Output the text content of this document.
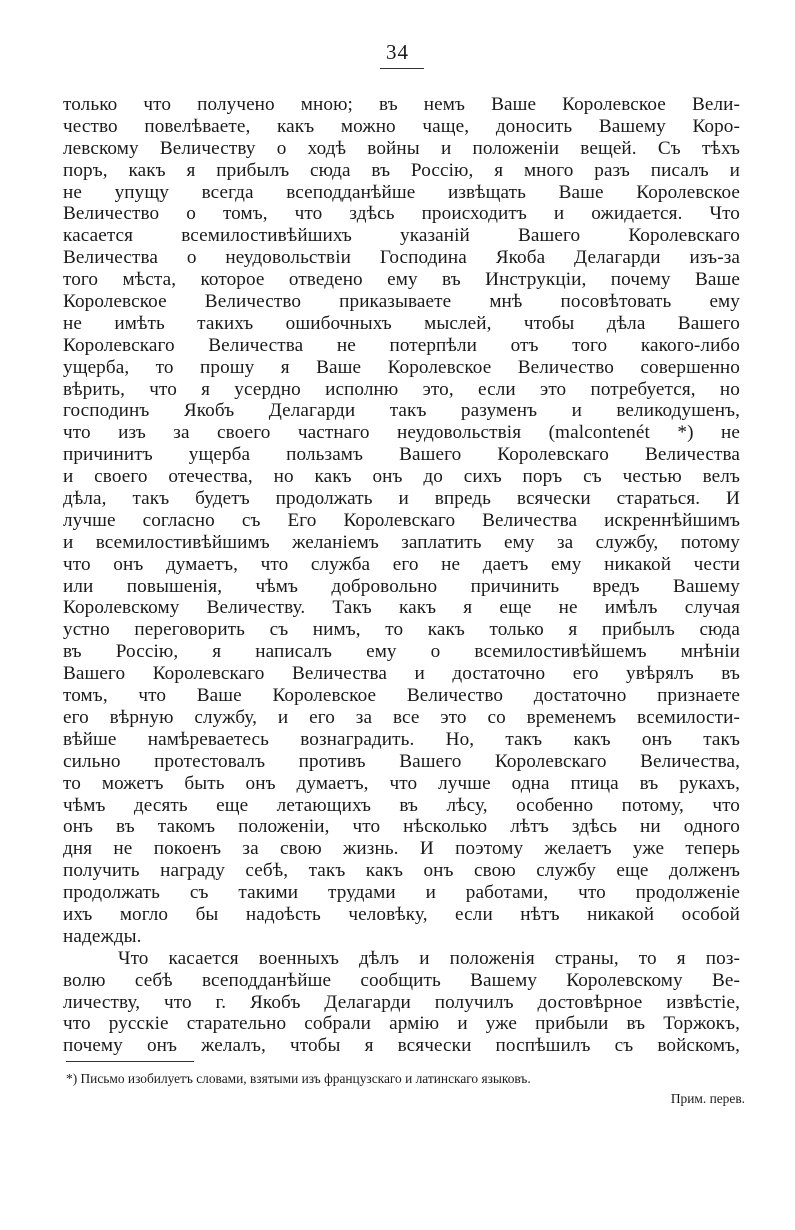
34
только что получено мною; въ немъ Ваше Королевское Вели-
чество повелѣваете, какъ можно чаще, доносить Вашему Коро-
левскому Величеству о ходѣ войны и положеніи вещей. Съ тѣхъ
поръ, какъ я прибылъ сюда въ Россію, я много разъ писалъ и
не упущу всегда всеподданѣйше извѣщать Ваше Королевское
Величество о томъ, что здѣсь происходитъ и ожидается. Что
касается всемилостивѣйшихъ указаній Вашего Королевскаго
Величества о неудовольствіи Господина Якоба Делагарди изъ-за
того мѣста, которое отведено ему въ Инструкціи, почему Ваше
Королевское Величество приказываете мнѣ посовѣтовать ему
не имѣть такихъ ошибочныхъ мыслей, чтобы дѣла Вашего
Королевскаго Величества не потерпѣли отъ того какого-либо
ущерба, то прошу я Ваше Королевское Величество совершенно
вѣрить, что я усердно исполню это, если это потребуется, но
господинъ Якобъ Делагарди такъ разуменъ и великодушенъ,
что изъ за своего частнаго неудовольствія (malcontenét *) не
причинитъ ущерба пользамъ Вашего Королевскаго Величества
и своего отечества, но какъ онъ до сихъ поръ съ честью велъ
дѣла, такъ будетъ продолжать и впредь всячески стараться. И
лучше согласно съ Его Королевскаго Величества искреннѣйшимъ
и всемилостивѣйшимъ желаніемъ заплатить ему за службу, потому
что онъ думаетъ, что служба его не даетъ ему никакой чести
или повышенія, чѣмъ добровольно причинить вредъ Вашему
Королевскому Величеству. Такъ какъ я еще не имѣлъ случая
устно переговорить съ нимъ, то какъ только я прибылъ сюда
въ Россію, я написалъ ему о всемилостивѣйшемъ мнѣніи
Вашего Королевскаго Величества и достаточно его увѣрялъ въ
томъ, что Ваше Королевское Величество достаточно признаете
его вѣрную службу, и его за все это со временемъ всемилости-
вѣйше намѣреваетесь вознаградить. Но, такъ какъ онъ такъ
сильно протестовалъ противъ Вашего Королевскаго Величества,
то можетъ быть онъ думаетъ, что лучше одна птица въ рукахъ,
чѣмъ десять еще летающихъ въ лѣсу, особенно потому, что
онъ въ такомъ положеніи, что нѣсколько лѣтъ здѣсь ни одного
дня не покоенъ за свою жизнь. И поэтому желаетъ уже теперь
получить награду себѣ, такъ какъ онъ свою службу еще долженъ
продолжать съ такими трудами и работами, что продолженіе
ихъ могло бы надоѣсть человѣку, если нѣтъ никакой особой
надежды.
Что касается военныхъ дѣлъ и положенія страны, то я поз-
волю себѣ всеподданѣйше сообщить Вашему Королевскому Ве-
личеству, что г. Якобъ Делагарди получилъ достовѣрное извѣстіе,
что русскіе старательно собрали армію и уже прибыли въ Торжокъ,
почему онъ желалъ, чтобы я всячески поспѣшилъ съ войскомъ,
*) Письмо изобилуетъ словами, взятыми изъ французскаго и латинскаго языковъ.
Прим. перев.
